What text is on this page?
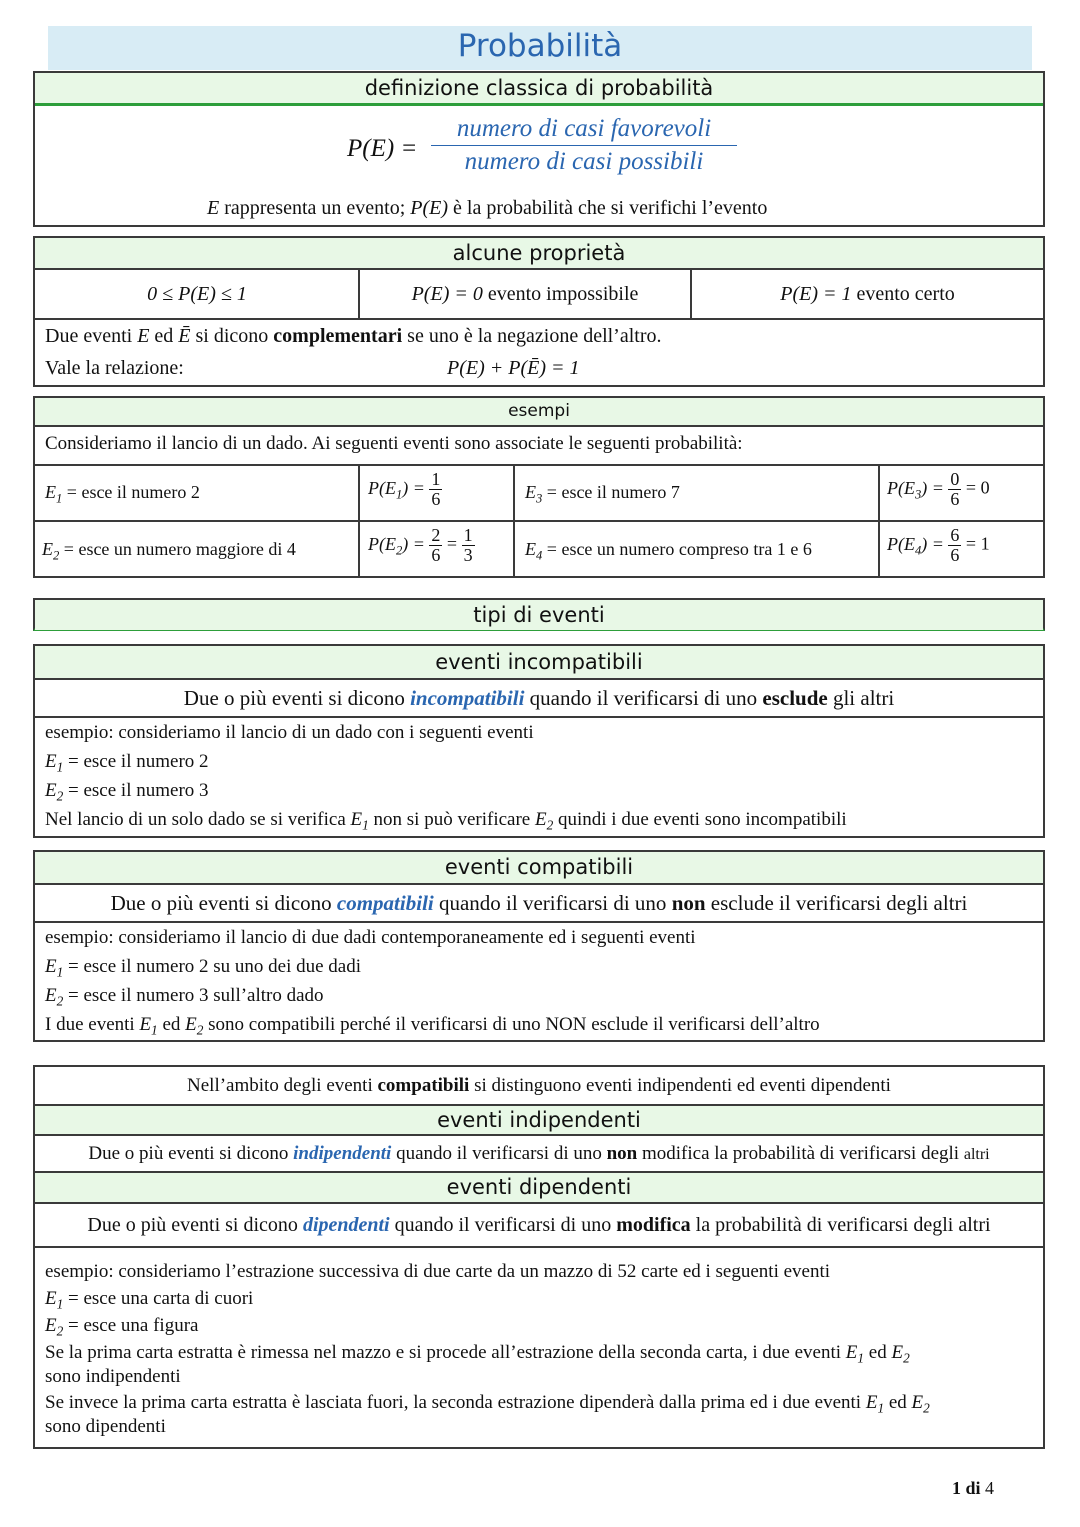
Probabilità
definizione classica di probabilità
P(E) =
numero di casi favorevoli
numero di casi possibili
E rappresenta un evento; P(E) è la probabilità che si verifichi l’evento
alcune proprietà
0 ≤ P(E) ≤ 1	P(E) = 0 evento impossibile	P(E) = 1 evento certo
Due eventi E ed Ē si dicono complementari se uno è la negazione dell’altro.
Vale la relazione:	P(E) + P(Ē) = 1
esempi
Consideriamo il lancio di un dado. Ai seguenti eventi sono associate le seguenti probabilità:
$E_1$ = esce il numero 2	$P(E_1) = \frac{1}{6}$	$E_3$ = esce il numero 7	$P(E_3) = \frac{0}{6} = 0$
$E_2$ = esce un numero maggiore di 4	$P(E_2) = \frac{2}{6} = \frac{1}{3}$	$E_4$ = esce un numero compreso tra 1 e 6	$P(E_4) = \frac{6}{6} = 1$
tipi di eventi
eventi incompatibili
Due o più eventi si dicono incompatibili quando il verificarsi di uno esclude gli altri
esempio: consideriamo il lancio di un dado con i seguenti eventi
$E_1$ = esce il numero 2
$E_2$ = esce il numero 3
Nel lancio di un solo dado se si verifica $E_1$ non si può verificare $E_2$ quindi i due eventi sono incompatibili
eventi compatibili
Due o più eventi si dicono compatibili quando il verificarsi di uno non esclude il verificarsi degli altri
esempio: consideriamo il lancio di due dadi contemporaneamente ed i seguenti eventi
$E_1$ = esce il numero 2 su uno dei due dadi
$E_2$ = esce il numero 3 sull’altro dado
I due eventi $E_1$ ed $E_2$ sono compatibili perché il verificarsi di uno NON esclude il verificarsi dell’altro
Nell’ambito degli eventi compatibili si distinguono eventi indipendenti ed eventi dipendenti
eventi indipendenti
Due o più eventi si dicono indipendenti quando il verificarsi di uno non modifica la probabilità di verificarsi degli altri
eventi dipendenti
Due o più eventi si dicono dipendenti quando il verificarsi di uno modifica la probabilità di verificarsi degli altri
esempio: consideriamo l’estrazione successiva di due carte da un mazzo di 52 carte ed i seguenti eventi
$E_1$ = esce una carta di cuori
$E_2$ = esce una figura
Se la prima carta estratta è rimessa nel mazzo e si procede all’estrazione della seconda carta, i due eventi $E_1$ ed $E_2$
sono indipendenti
Se invece la prima carta estratta è lasciata fuori, la seconda estrazione dipenderà dalla prima ed i due eventi $E_1$ ed $E_2$
sono dipendenti
1 di 4
